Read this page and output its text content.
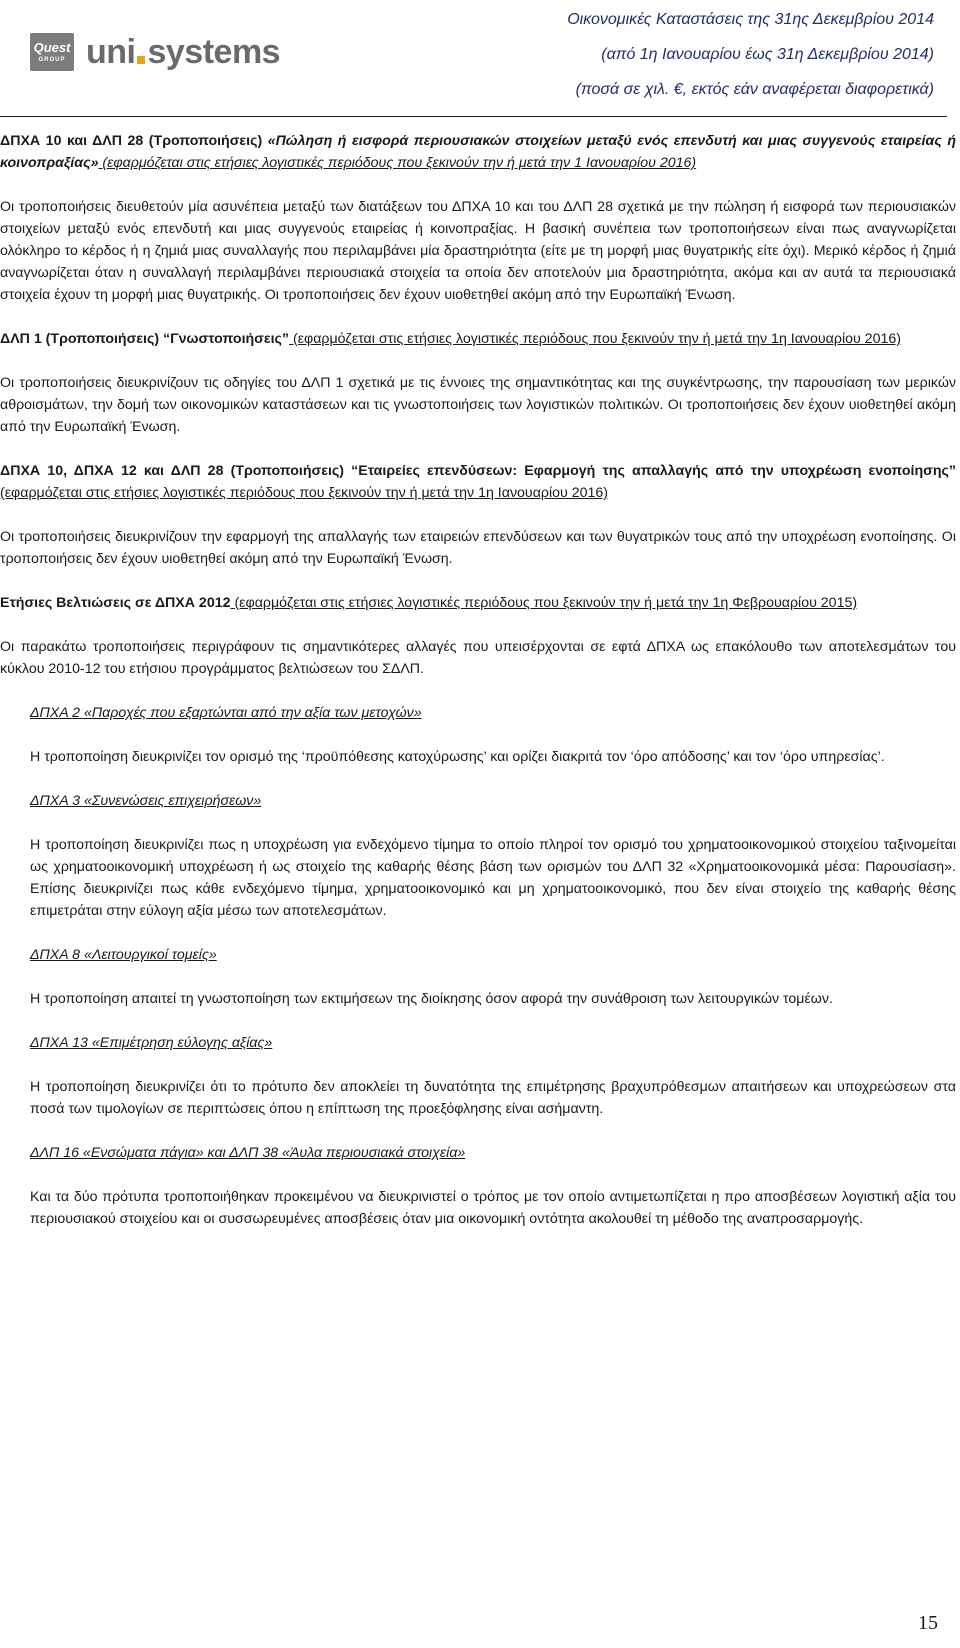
Quest
GROUP uni systems
Οικονομικές Καταστάσεις της 31ης Δεκεμβρίου 2014
(από 1η Ιανουαρίου έως 31η Δεκεμβρίου 2014)
(ποσά σε χιλ. €, εκτός εάν αναφέρεται διαφορετικά)

ΔΠΧΑ 10 και ΔΛΠ 28 (Τροποποιήσεις) «Πώληση ή εισφορά περιουσιακών στοιχείων μεταξύ ενός επενδυτή και μιας συγγενούς εταιρείας ή κοινοπραξίας» (εφαρμόζεται στις ετήσιες λογιστικές περιόδους που ξεκινούν την ή μετά την 1 Ιανουαρίου 2016)

Οι τροποποιήσεις διευθετούν μία ασυνέπεια μεταξύ των διατάξεων του ΔΠΧΑ 10 και του ΔΛΠ 28 σχετικά με την πώληση ή εισφορά των περιουσιακών στοιχείων μεταξύ ενός επενδυτή και μιας συγγενούς εταιρείας ή κοινοπραξίας. Η βασική συνέπεια των τροποποιήσεων είναι πως αναγνωρίζεται ολόκληρο το κέρδος ή η ζημιά μιας συναλλαγής που περιλαμβάνει μία δραστηριότητα (είτε με τη μορφή μιας θυγατρικής είτε όχι). Μερικό κέρδος ή ζημιά αναγνωρίζεται όταν η συναλλαγή περιλαμβάνει περιουσιακά στοιχεία τα οποία δεν αποτελούν μια δραστηριότητα, ακόμα και αν αυτά τα περιουσιακά στοιχεία έχουν τη μορφή μιας θυγατρικής. Οι τροποποιήσεις δεν έχουν υιοθετηθεί ακόμη από την Ευρωπαϊκή Ένωση.

ΔΛΠ 1 (Τροποποιήσεις) “Γνωστοποιήσεις” (εφαρμόζεται στις ετήσιες λογιστικές περιόδους που ξεκινούν την ή μετά την 1η Ιανουαρίου 2016)

Οι τροποποιήσεις διευκρινίζουν τις οδηγίες του ΔΛΠ 1 σχετικά με τις έννοιες της σημαντικότητας και της συγκέντρωσης, την παρουσίαση των μερικών αθροισμάτων, την δομή των οικονομικών καταστάσεων και τις γνωστοποιήσεις των λογιστικών πολιτικών. Οι τροποποιήσεις δεν έχουν υιοθετηθεί ακόμη από την Ευρωπαϊκή Ένωση.

ΔΠΧΑ 10, ΔΠΧΑ 12 και ΔΛΠ 28 (Τροποποιήσεις) “Εταιρείες επενδύσεων: Εφαρμογή της απαλλαγής από την υποχρέωση ενοποίησης” (εφαρμόζεται στις ετήσιες λογιστικές περιόδους που ξεκινούν την ή μετά την 1η Ιανουαρίου 2016)

Οι τροποποιήσεις διευκρινίζουν την εφαρμογή της απαλλαγής των εταιρειών επενδύσεων και των θυγατρικών τους από την υποχρέωση ενοποίησης. Οι τροποποιήσεις δεν έχουν υιοθετηθεί ακόμη από την Ευρωπαϊκή Ένωση.

Ετήσιες Βελτιώσεις σε ΔΠΧΑ 2012 (εφαρμόζεται στις ετήσιες λογιστικές περιόδους που ξεκινούν την ή μετά την 1η Φεβρουαρίου 2015)

Οι παρακάτω τροποποιήσεις περιγράφουν τις σημαντικότερες αλλαγές που υπεισέρχονται σε εφτά ΔΠΧΑ ως επακόλουθο των αποτελεσμάτων του κύκλου 2010-12 του ετήσιου προγράμματος βελτιώσεων του ΣΔΛΠ.

ΔΠΧΑ 2 «Παροχές που εξαρτώνται από την αξία των μετοχών»

Η τροποποίηση διευκρινίζει τον ορισμό της ‘προϋπόθεσης κατοχύρωσης’ και ορίζει διακριτά τον ‘όρο απόδοσης’ και τον ‘όρο υπηρεσίας’.

ΔΠΧΑ 3 «Συνενώσεις επιχειρήσεων»

Η τροποποίηση διευκρινίζει πως η υποχρέωση για ενδεχόμενο τίμημα το οποίο πληροί τον ορισμό του χρηματοοικονομικού στοιχείου ταξινομείται ως χρηματοοικονομική υποχρέωση ή ως στοιχείο της καθαρής θέσης βάση των ορισμών του ΔΛΠ 32 «Χρηματοοικονομικά μέσα: Παρουσίαση». Επίσης διευκρινίζει πως κάθε ενδεχόμενο τίμημα, χρηματοοικονομικό και μη χρηματοοικονομικό, που δεν είναι στοιχείο της καθαρής θέσης επιμετράται στην εύλογη αξία μέσω των αποτελεσμάτων.

ΔΠΧΑ 8 «Λειτουργικοί τομείς»

Η τροποποίηση απαιτεί τη γνωστοποίηση των εκτιμήσεων της διοίκησης όσον αφορά την συνάθροιση των λειτουργικών τομέων.

ΔΠΧΑ 13 «Επιμέτρηση εύλογης αξίας»

Η τροποποίηση διευκρινίζει ότι το πρότυπο δεν αποκλείει τη δυνατότητα της επιμέτρησης βραχυπρόθεσμων απαιτήσεων και υποχρεώσεων στα ποσά των τιμολογίων σε περιπτώσεις όπου η επίπτωση της προεξόφλησης είναι ασήμαντη.

ΔΛΠ 16 «Ενσώματα πάγια» και ΔΛΠ 38 «Άυλα περιουσιακά στοιχεία»

Και τα δύο πρότυπα τροποποιήθηκαν προκειμένου να διευκρινιστεί ο τρόπος με τον οποίο αντιμετωπίζεται η προ αποσβέσεων λογιστική αξία του περιουσιακού στοιχείου και οι συσσωρευμένες αποσβέσεις όταν μια οικονομική οντότητα ακολουθεί τη μέθοδο της αναπροσαρμογής.

15
